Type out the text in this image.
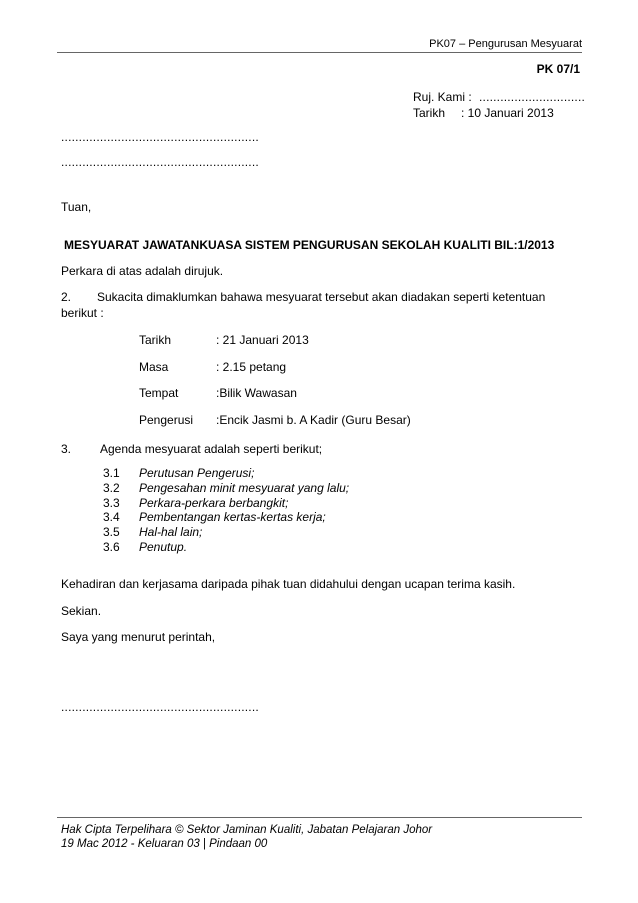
PK07 – Pengurusan Mesyuarat
PK 07/1
Ruj. Kami : ..............................
Tarikh : 10 Januari 2013
........................................................
........................................................
Tuan,
MESYUARAT JAWATANKUASA SISTEM PENGURUSAN SEKOLAH KUALITI BIL:1/2013
Perkara di atas adalah dirujuk.
2. Sukacita dimaklumkan bahawa mesyuarat tersebut akan diadakan seperti ketentuan
berikut :
Tarikh	: 21 Januari 2013
Masa	: 2.15 petang
Tempat	:Bilik Wawasan
Pengerusi :Encik Jasmi b. A Kadir (Guru Besar)
3. Agenda mesyuarat adalah seperti berikut;
3.1 Perutusan Pengerusi;
3.2 Pengesahan minit mesyuarat yang lalu;
3.3 Perkara-perkara berbangkit;
3.4 Pembentangan kertas-kertas kerja;
3.5 Hal-hal lain;
3.6 Penutup.
Kehadiran dan kerjasama daripada pihak tuan didahului dengan ucapan terima kasih.
Sekian.
Saya yang menurut perintah,
........................................................
Hak Cipta Terpelihara © Sektor Jaminan Kualiti, Jabatan Pelajaran Johor
19 Mac 2012 - Keluaran 03 | Pindaan 00
